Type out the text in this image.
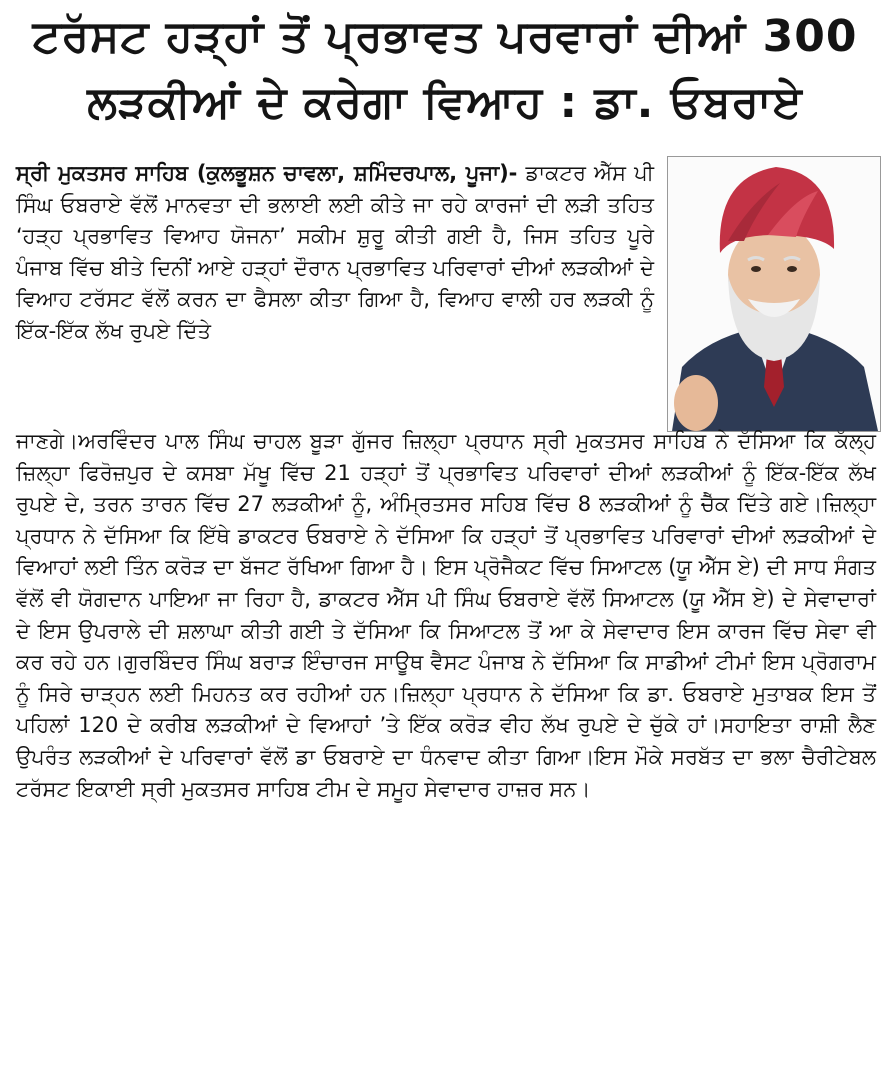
ਟਰੱਸਟ ਹੜ੍ਹਾਂ ਤੋਂ ਪ੍ਰਭਾਵਤ ਪਰਵਾਰਾਂ ਦੀਆਂ 300
ਲੜਕੀਆਂ ਦੇ ਕਰੇਗਾ ਵਿਆਹ : ਡਾ. ਓਬਰਾਏ
ਸ੍ਰੀ ਮੁਕਤਸਰ ਸਾਹਿਬ (ਕੁਲਭੂਸ਼ਨ ਚਾਵਲਾ, ਸ਼ਮਿੰਦਰਪਾਲ, ਪੂਜਾ)- ਡਾਕਟਰ ਐੱਸ ਪੀ ਸਿੰਘ ਓਬਰਾਏ ਵੱਲੋਂ ਮਾਨਵਤਾ ਦੀ ਭਲਾਈ ਲਈ ਕੀਤੇ ਜਾ ਰਹੇ ਕਾਰਜਾਂ ਦੀ ਲੜੀ ਤਹਿਤ ‘ਹੜ੍ਹ ਪ੍ਰਭਾਵਿਤ ਵਿਆਹ ਯੋਜਨਾ’ ਸਕੀਮ ਸ਼ੁਰੂ ਕੀਤੀ ਗਈ ਹੈ, ਜਿਸ ਤਹਿਤ ਪੂਰੇ ਪੰਜਾਬ ਵਿੱਚ ਬੀਤੇ ਦਿਨੀਂ ਆਏ ਹੜ੍ਹਾਂ ਦੌਰਾਨ ਪ੍ਰਭਾਵਿਤ ਪਰਿਵਾਰਾਂ ਦੀਆਂ ਲੜਕੀਆਂ ਦੇ ਵਿਆਹ ਟਰੱਸਟ ਵੱਲੋਂ ਕਰਨ ਦਾ ਫੈਸਲਾ ਕੀਤਾ ਗਿਆ ਹੈ, ਵਿਆਹ ਵਾਲੀ ਹਰ ਲੜਕੀ ਨੂੰ ਇੱਕ-ਇੱਕ ਲੱਖ ਰੁਪਏ ਦਿੱਤੇ
ਜਾਣਗੇ।ਅਰਵਿੰਦਰ ਪਾਲ ਸਿੰਘ ਚਾਹਲ ਬੂੜਾ ਗੁੱਜਰ ਜ਼ਿਲ੍ਹਾ ਪ੍ਰਧਾਨ ਸ੍ਰੀ ਮੁਕਤਸਰ ਸਾਹਿਬ ਨੇ ਦੱਸਿਆ ਕਿ ਕੱਲ੍ਹ ਜ਼ਿਲ੍ਹਾ ਫਿਰੋਜ਼ਪੁਰ ਦੇ ਕਸਬਾ ਮੱਖੂ ਵਿੱਚ 21 ਹੜ੍ਹਾਂ ਤੋਂ ਪ੍ਰਭਾਵਿਤ ਪਰਿਵਾਰਾਂ ਦੀਆਂ ਲੜਕੀਆਂ ਨੂੰ ਇੱਕ-ਇੱਕ ਲੱਖ ਰੁਪਏ ਦੇ, ਤਰਨ ਤਾਰਨ ਵਿੱਚ 27 ਲੜਕੀਆਂ ਨੂੰ, ਅੰਮ੍ਰਿਤਸਰ ਸਹਿਬ ਵਿੱਚ 8 ਲੜਕੀਆਂ ਨੂੰ ਚੈੱਕ ਦਿੱਤੇ ਗਏ।ਜ਼ਿਲ੍ਹਾ ਪ੍ਰਧਾਨ ਨੇ ਦੱਸਿਆ ਕਿ ਇੱਥੇ ਡਾਕਟਰ ਓਬਰਾਏ ਨੇ ਦੱਸਿਆ ਕਿ ਹੜ੍ਹਾਂ ਤੋਂ ਪ੍ਰਭਾਵਿਤ ਪਰਿਵਾਰਾਂ ਦੀਆਂ ਲੜਕੀਆਂ ਦੇ ਵਿਆਹਾਂ ਲਈ ਤਿੰਨ ਕਰੋੜ ਦਾ ਬੱਜਟ ਰੱਖਿਆ ਗਿਆ ਹੈ। ਇਸ ਪ੍ਰੋਜੈਕਟ ਵਿੱਚ ਸਿਆਟਲ (ਯੂ ਐੱਸ ਏ) ਦੀ ਸਾਧ ਸੰਗਤ ਵੱਲੋਂ ਵੀ ਯੋਗਦਾਨ ਪਾਇਆ ਜਾ ਰਿਹਾ ਹੈ, ਡਾਕਟਰ ਐੱਸ ਪੀ ਸਿੰਘ ਓਬਰਾਏ ਵੱਲੋਂ ਸਿਆਟਲ (ਯੂ ਐੱਸ ਏ) ਦੇ ਸੇਵਾਦਾਰਾਂ ਦੇ ਇਸ ਉਪਰਾਲੇ ਦੀ ਸ਼ਲਾਘਾ ਕੀਤੀ ਗਈ ਤੇ ਦੱਸਿਆ ਕਿ ਸਿਆਟਲ ਤੋਂ ਆ ਕੇ ਸੇਵਾਦਾਰ ਇਸ ਕਾਰਜ ਵਿੱਚ ਸੇਵਾ ਵੀ ਕਰ ਰਹੇ ਹਨ।ਗੁਰਬਿੰਦਰ ਸਿੰਘ ਬਰਾੜ ਇੰਚਾਰਜ ਸਾਊਥ ਵੈਸਟ ਪੰਜਾਬ ਨੇ ਦੱਸਿਆ ਕਿ ਸਾਡੀਆਂ ਟੀਮਾਂ ਇਸ ਪ੍ਰੋਗਰਾਮ ਨੂੰ ਸਿਰੇ ਚਾੜ੍ਹਨ ਲਈ ਮਿਹਨਤ ਕਰ ਰਹੀਆਂ ਹਨ।ਜ਼ਿਲ੍ਹਾ ਪ੍ਰਧਾਨ ਨੇ ਦੱਸਿਆ ਕਿ ਡਾ. ਓਬਰਾਏ ਮੁਤਾਬਕ ਇਸ ਤੋਂ ਪਹਿਲਾਂ 120 ਦੇ ਕਰੀਬ ਲੜਕੀਆਂ ਦੇ ਵਿਆਹਾਂ ’ਤੇ ਇੱਕ ਕਰੋੜ ਵੀਹ ਲੱਖ ਰੁਪਏ ਦੇ ਚੁੱਕੇ ਹਾਂ।ਸਹਾਇਤਾ ਰਾਸ਼ੀ ਲੈਣ ਉਪਰੰਤ ਲੜਕੀਆਂ ਦੇ ਪਰਿਵਾਰਾਂ ਵੱਲੋਂ ਡਾ ਓਬਰਾਏ ਦਾ ਧੰਨਵਾਦ ਕੀਤਾ ਗਿਆ।ਇਸ ਮੌਕੇ ਸਰਬੱਤ ਦਾ ਭਲਾ ਚੈਰੀਟੇਬਲ ਟਰੱਸਟ ਇਕਾਈ ਸ੍ਰੀ ਮੁਕਤਸਰ ਸਾਹਿਬ ਟੀਮ ਦੇ ਸਮੂਹ ਸੇਵਾਦਾਰ ਹਾਜ਼ਰ ਸਨ।
